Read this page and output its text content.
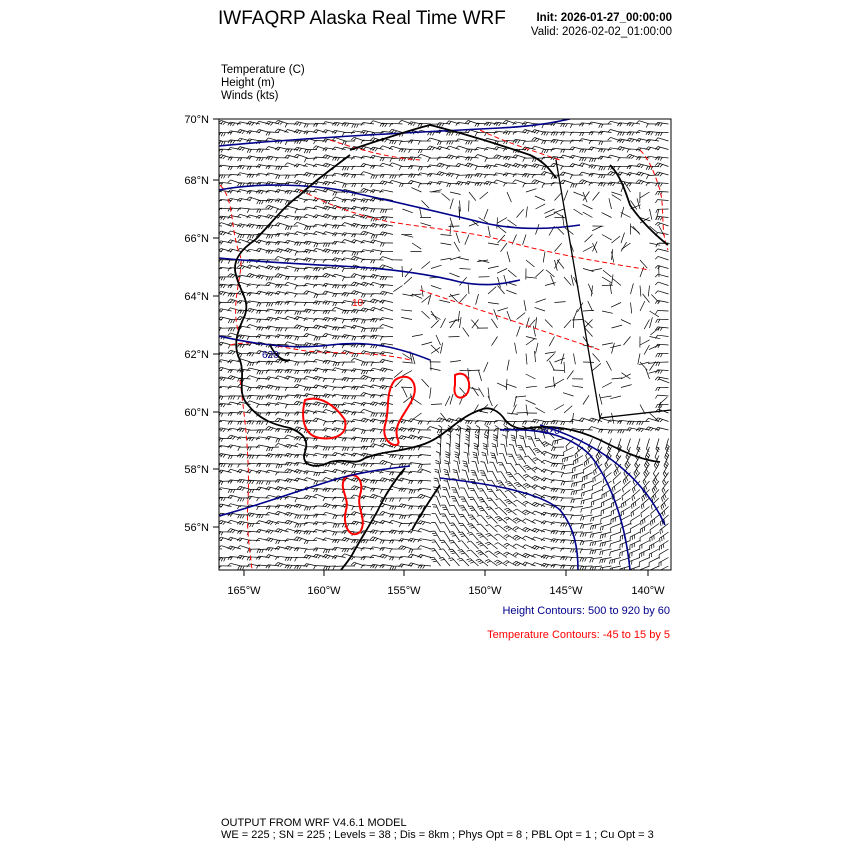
IWFAQRP Alaska Real Time WRF	Init: 2026-01-27_00:00:00
Valid: 2026-02-02_01:00:00
Temperature (C)
Height (m)
Winds (kts)
70°N
68°N
66°N
64°N
62°N
60°N
58°N
56°N
165°W	160°W	155°W	150°W	145°W	140°W
620
10
620
Height Contours: 500 to 920 by 60
Temperature Contours: -45 to 15 by 5
OUTPUT FROM WRF V4.6.1 MODEL
WE = 225 ; SN = 225 ; Levels = 38 ; Dis = 8km ; Phys Opt = 8 ; PBL Opt = 1 ; Cu Opt = 3
